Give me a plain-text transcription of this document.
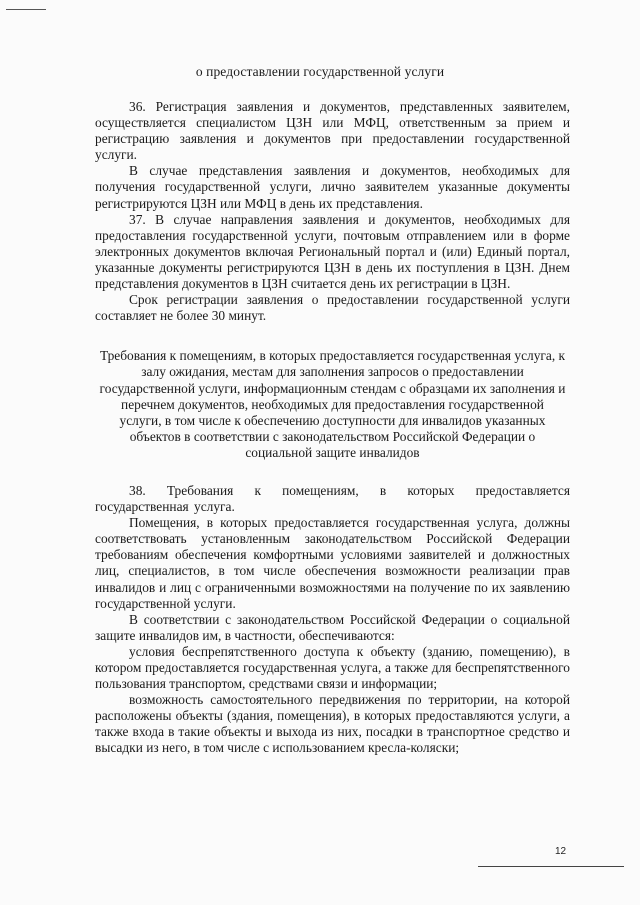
о предоставлении государственной услуги

36. Регистрация заявления и документов, представленных заявителем, осуществляется специалистом ЦЗН или МФЦ, ответственным за прием и регистрацию заявления и документов при предоставлении государственной услуги.

В случае представления заявления и документов, необходимых для получения государственной услуги, лично заявителем указанные документы регистрируются ЦЗН или МФЦ в день их представления.

37. В случае направления заявления и документов, необходимых для предоставления государственной услуги, почтовым отправлением или в форме электронных документов включая Региональный портал и (или) Единый портал, указанные документы регистрируются ЦЗН в день их поступления в ЦЗН. Днем представления документов в ЦЗН считается день их регистрации в ЦЗН.

Срок регистрации заявления о предоставлении государственной услуги составляет не более 30 минут.

Требования к помещениям, в которых предоставляется государственная услуга, к залу ожидания, местам для заполнения запросов о предоставлении государственной услуги, информационным стендам с образцами их заполнения и перечнем документов, необходимых для предоставления государственной услуги, в том числе к обеспечению доступности для инвалидов указанных объектов в соответствии с законодательством Российской Федерации о социальной защите инвалидов

38. Требования к помещениям, в которых предоставляется государственная услуга.

Помещения, в которых предоставляется государственная услуга, должны соответствовать установленным законодательством Российской Федерации требованиям обеспечения комфортными условиями заявителей и должностных лиц, специалистов, в том числе обеспечения возможности реализации прав инвалидов и лиц с ограниченными возможностями на получение по их заявлению государственной услуги.

В соответствии с законодательством Российской Федерации о социальной защите инвалидов им, в частности, обеспечиваются:

условия беспрепятственного доступа к объекту (зданию, помещению), в котором предоставляется государственная услуга, а также для беспрепятственного пользования транспортом, средствами связи и информации;

возможность самостоятельного передвижения по территории, на которой расположены объекты (здания, помещения), в которых предоставляются услуги, а также входа в такие объекты и выхода из них, посадки в транспортное средство и высадки из него, в том числе с использованием кресла-коляски;

12
